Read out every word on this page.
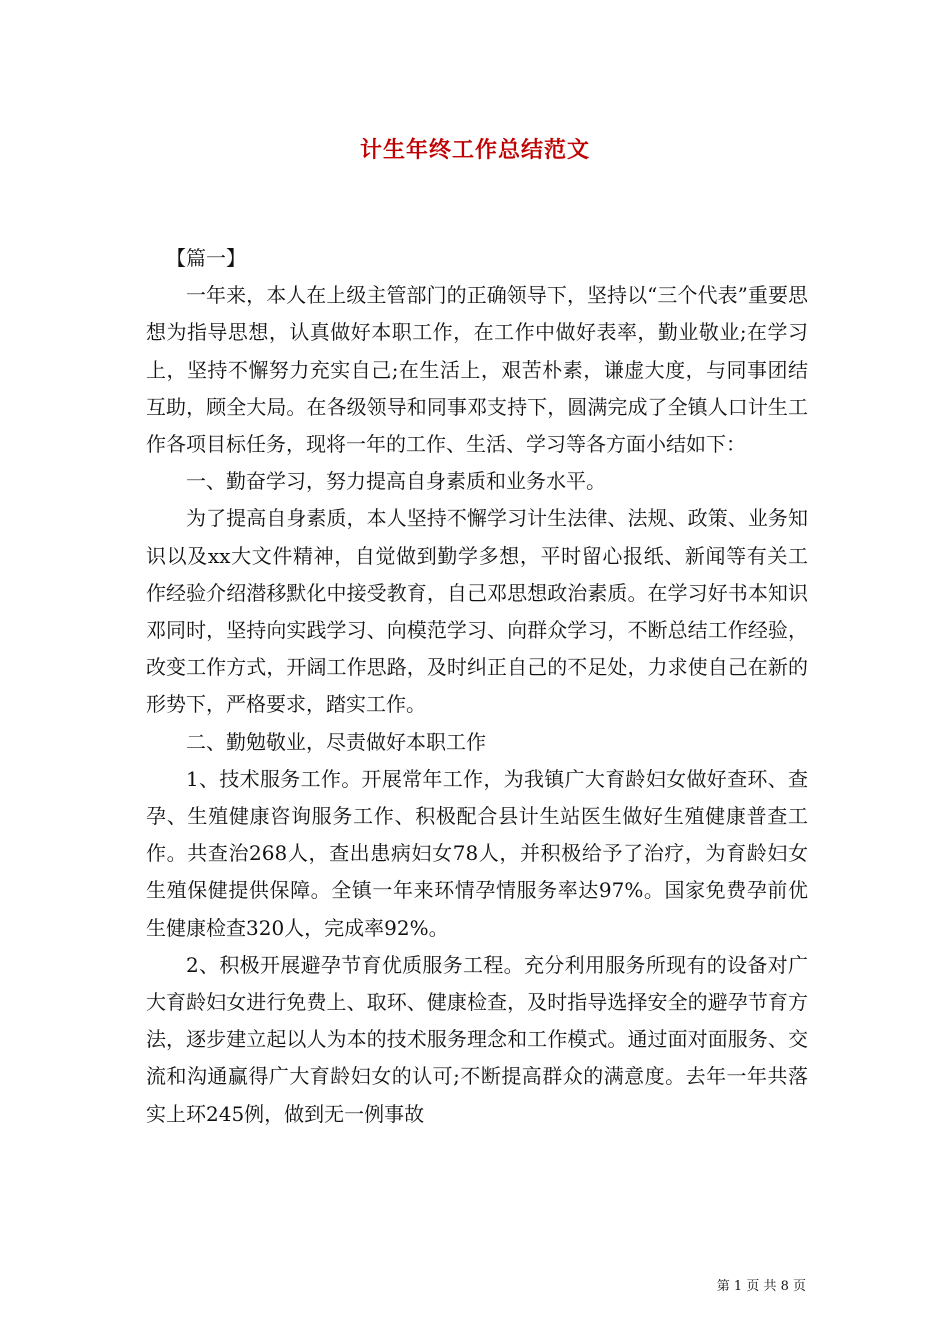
计生年终工作总结范文

【篇一】

一年来，本人在上级主管部门的正确领导下，坚持以“三个代表”重要思想为指导思想，认真做好本职工作，在工作中做好表率，勤业敬业;在学习上，坚持不懈努力充实自己;在生活上，艰苦朴素，谦虚大度，与同事团结互助，顾全大局。在各级领导和同事邓支持下，圆满完成了全镇人口计生工作各项目标任务，现将一年的工作、生活、学习等各方面小结如下：

一、勤奋学习，努力提高自身素质和业务水平。

为了提高自身素质，本人坚持不懈学习计生法律、法规、政策、业务知识以及xx大文件精神，自觉做到勤学多想，平时留心报纸、新闻等有关工作经验介绍潜移默化中接受教育，自己邓思想政治素质。在学习好书本知识邓同时，坚持向实践学习、向模范学习、向群众学习，不断总结工作经验，改变工作方式，开阔工作思路，及时纠正自己的不足处，力求使自己在新的形势下，严格要求，踏实工作。

二、勤勉敬业，尽责做好本职工作

1、技术服务工作。开展常年工作，为我镇广大育龄妇女做好查环、查孕、生殖健康咨询服务工作、积极配合县计生站医生做好生殖健康普查工作。共查治268人，查出患病妇女78人，并积极给予了治疗，为育龄妇女生殖保健提供保障。全镇一年来环情孕情服务率达97%。国家免费孕前优生健康检查320人，完成率92%。

2、积极开展避孕节育优质服务工程。充分利用服务所现有的设备对广大育龄妇女进行免费上、取环、健康检查，及时指导选择安全的避孕节育方法，逐步建立起以人为本的技术服务理念和工作模式。通过面对面服务、交流和沟通赢得广大育龄妇女的认可;不断提高群众的满意度。去年一年共落实上环245例，做到无一例事故

第 1 页 共 8 页
